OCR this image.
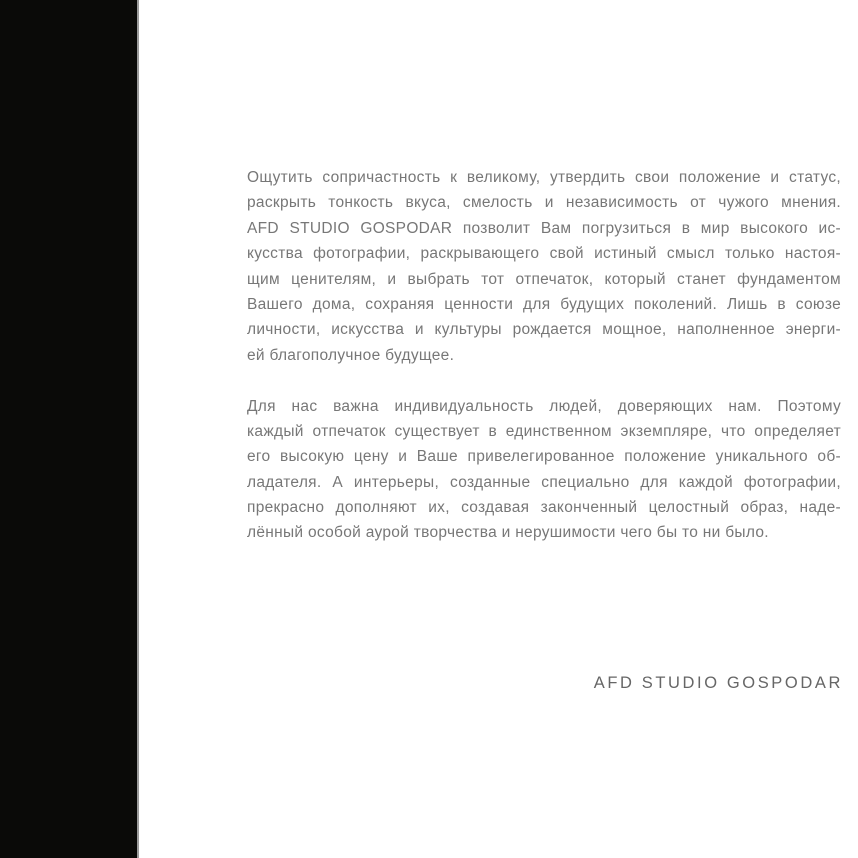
Ощутить сопричастность к великому, утвердить свои положение и статус,
раскрыть тонкость вкуса, смелость и независимость от чужого мнения.
AFD STUDIO GOSPODAR позволит Вам погрузиться в мир высокого ис-
кусства фотографии, раскрывающего свой истиный смысл только настоя-
щим ценителям, и выбрать тот отпечаток, который станет фундаментом
Вашего дома, сохраняя ценности для будущих поколений. Лишь в союзе
личности, искусства и культуры рождается мощное, наполненное энерги-
ей благополучное будущее.
Для нас важна индивидуальность людей, доверяющих нам. Поэтому
каждый отпечаток существует в единственном экземпляре, что определяет
его высокую цену и Ваше привелегированное положение уникального об-
ладателя. А интерьеры, созданные специально для каждой фотографии,
прекрасно дополняют их, создавая законченный целостный образ, наде-
лённый особой аурой творчества и нерушимости чего бы то ни было.
AFD STUDIO GOSPODAR
